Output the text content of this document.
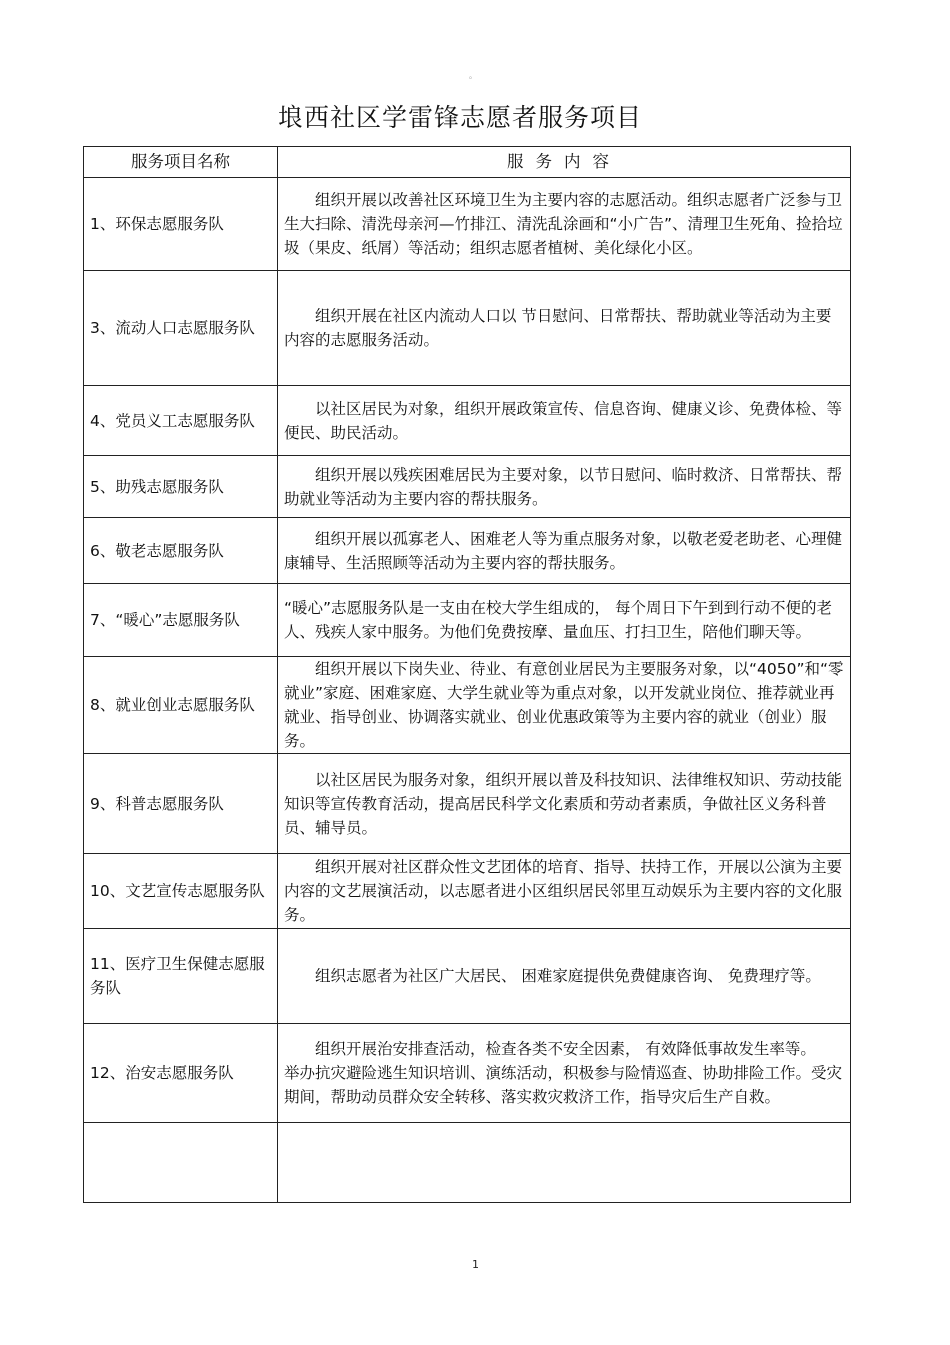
。
埌西社区学雷锋志愿者服务项目
服务项目名称	服务内容
1、环保志愿服务队	组织开展以改善社区环境卫生为主要内容的志愿活动。组织志愿者广泛参与卫生大扫除、清洗母亲河—竹排江、清洗乱涂画和“小广告”、清理卫生死角、捡拾垃圾（果皮、纸屑）等活动；组织志愿者植树、美化绿化小区。

3、流动人口志愿服务队	组织开展在社区内流动人口以 节日慰问、日常帮扶、帮助就业等活动为主要内容的志愿服务活动。

4、党员义工志愿服务队	以社区居民为对象，组织开展政策宣传、信息咨询、健康义诊、免费体检、等便民、助民活动。

5、助残志愿服务队	组织开展以残疾困难居民为主要对象，以节日慰问、临时救济、日常帮扶、帮助就业等活动为主要内容的帮扶服务。

6、敬老志愿服务队	组织开展以孤寡老人、困难老人等为重点服务对象，以敬老爱老助老、心理健康辅导、生活照顾等活动为主要内容的帮扶服务。

7、“暖心”志愿服务队	“暖心”志愿服务队是一支由在校大学生组成的， 每个周日下午到到行动不便的老人、残疾人家中服务。为他们免费按摩、量血压、打扫卫生，陪他们聊天等。

8、就业创业志愿服务队	组织开展以下岗失业、待业、有意创业居民为主要服务对象，以“4050”和“零就业”家庭、困难家庭、大学生就业等为重点对象，以开发就业岗位、推荐就业再就业、指导创业、协调落实就业、创业优惠政策等为主要内容的就业（创业）服务。

9、科普志愿服务队	以社区居民为服务对象，组织开展以普及科技知识、法律维权知识、劳动技能知识等宣传教育活动，提高居民科学文化素质和劳动者素质，争做社区义务科普员、辅导员。

10、文艺宣传志愿服务队	组织开展对社区群众性文艺团体的培育、指导、扶持工作，开展以公演为主要内容的文艺展演活动，以志愿者进小区组织居民邻里互动娱乐为主要内容的文化服务。

11、医疗卫生保健志愿服务队	组织志愿者为社区广大居民、 困难家庭提供免费健康咨询、 免费理疗等。

12、治安志愿服务队	组织开展治安排查活动，检查各类不安全因素， 有效降低事故发生率等。
举办抗灾避险逃生知识培训、演练活动，积极参与险情巡查、协助排险工作。受灾期间，帮助动员群众安全转移、落实救灾救济工作，指导灾后生产自救。

1
